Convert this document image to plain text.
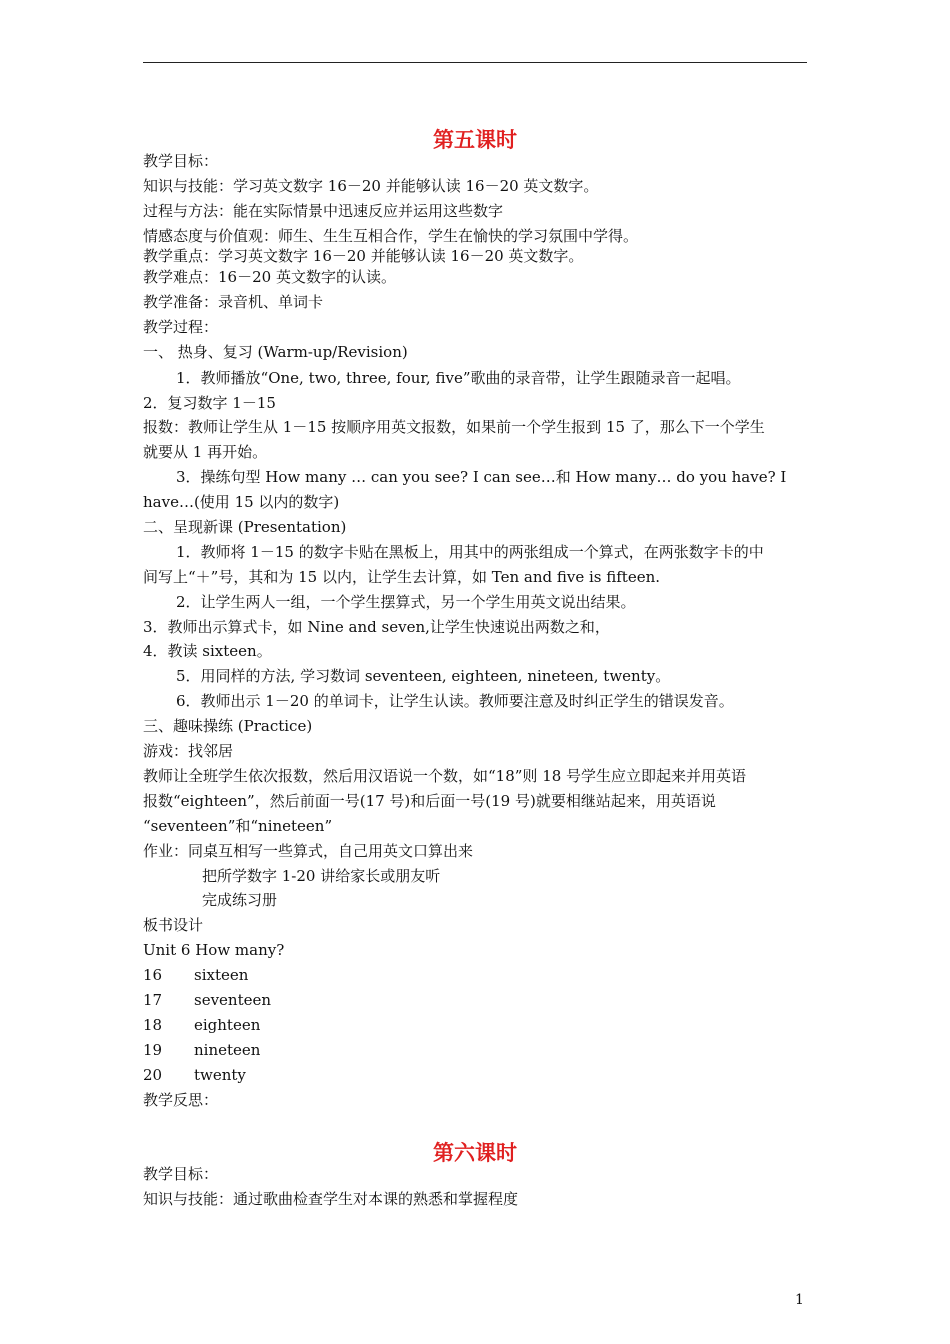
第五课时
教学目标：
知识与技能：学习英文数字 16－20 并能够认读 16－20 英文数字。
过程与方法：能在实际情景中迅速反应并运用这些数字
情感态度与价值观：师生、生生互相合作，学生在愉快的学习氛围中学得。
教学重点：学习英文数字 16－20 并能够认读 16－20 英文数字。
教学难点：16－20 英文数字的认读。
教学准备：录音机、单词卡
教学过程：
一、 热身、复习 (Warm-up/Revision)
1．教师播放“One, two, three, four, five”歌曲的录音带，让学生跟随录音一起唱。
2．复习数字 1－15
报数：教师让学生从 1－15 按顺序用英文报数，如果前一个学生报到 15 了，那么下一个学生
就要从 1 再开始。
3．操练句型 How many … can you see? I can see…和 How many… do you have? I
have…(使用 15 以内的数字)
二、呈现新课 (Presentation)
1．教师将 1－15 的数字卡贴在黑板上，用其中的两张组成一个算式，在两张数字卡的中
间写上“＋”号，其和为 15 以内，让学生去计算，如 Ten and five is fifteen.
2．让学生两人一组，一个学生摆算式，另一个学生用英文说出结果。
3．教师出示算式卡，如 Nine and seven,让学生快速说出两数之和，
4．教读 sixteen。
5．用同样的方法, 学习数词 seventeen, eighteen, nineteen, twenty。
6．教师出示 1－20 的单词卡，让学生认读。教师要注意及时纠正学生的错误发音。
三、趣味操练 (Practice)
游戏：找邻居
教师让全班学生依次报数，然后用汉语说一个数，如“18”则 18 号学生应立即起来并用英语
报数“eighteen”，然后前面一号(17 号)和后面一号(19 号)就要相继站起来，用英语说
“seventeen”和“nineteen”
作业：同桌互相写一些算式，自己用英文口算出来
把所学数字 1-20 讲给家长或朋友听
完成练习册
板书设计
Unit 6 How many?
16	sixteen
17	seventeen
18	eighteen
19	nineteen
20	twenty
教学反思：
第六课时
教学目标：
知识与技能：通过歌曲检查学生对本课的熟悉和掌握程度
1
